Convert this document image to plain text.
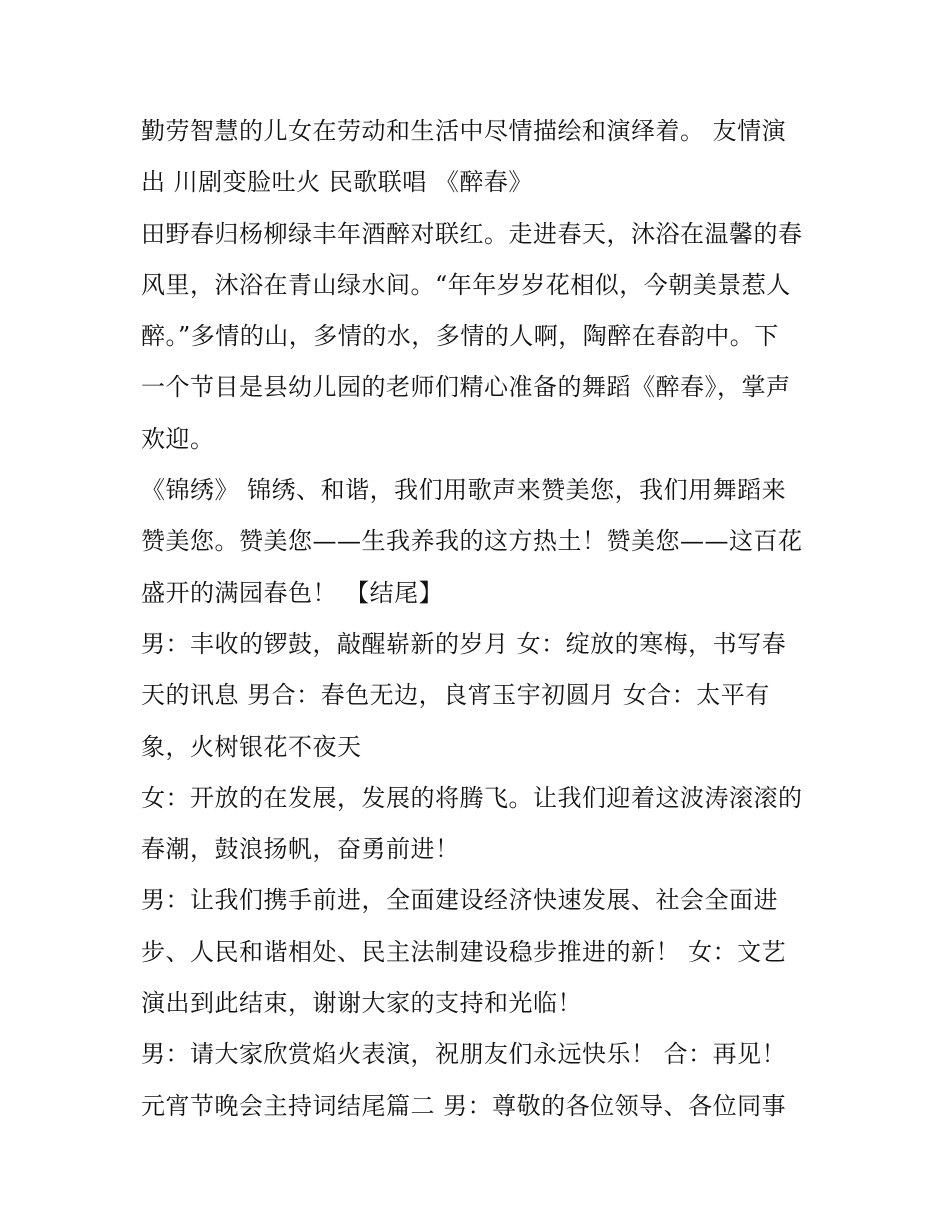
勤劳智慧的儿女在劳动和生活中尽情描绘和演绎着。 友情演
出 川剧变脸吐火 民歌联唱 《醉春》
田野春归杨柳绿丰年酒醉对联红。走进春天，沐浴在温馨的春
风里，沐浴在青山绿水间。“年年岁岁花相似，今朝美景惹人
醉。”多情的山，多情的水，多情的人啊，陶醉在春韵中。下
一个节目是县幼儿园的老师们精心准备的舞蹈《醉春》，掌声
欢迎。
《锦绣》 锦绣、和谐，我们用歌声来赞美您，我们用舞蹈来
赞美您。赞美您——生我养我的这方热土！赞美您——这百花
盛开的满园春色！ 【结尾】
男：丰收的锣鼓，敲醒崭新的岁月 女：绽放的寒梅，书写春
天的讯息 男合：春色无边，良宵玉宇初圆月 女合：太平有
象，火树银花不夜天
女：开放的在发展，发展的将腾飞。让我们迎着这波涛滚滚的
春潮，鼓浪扬帆，奋勇前进！
男：让我们携手前进，全面建设经济快速发展、社会全面进
步、人民和谐相处、民主法制建设稳步推进的新！ 女：文艺
演出到此结束，谢谢大家的支持和光临！
男：请大家欣赏焰火表演，祝朋友们永远快乐！ 合：再见！
元宵节晚会主持词结尾篇二 男：尊敬的各位领导、各位同事
